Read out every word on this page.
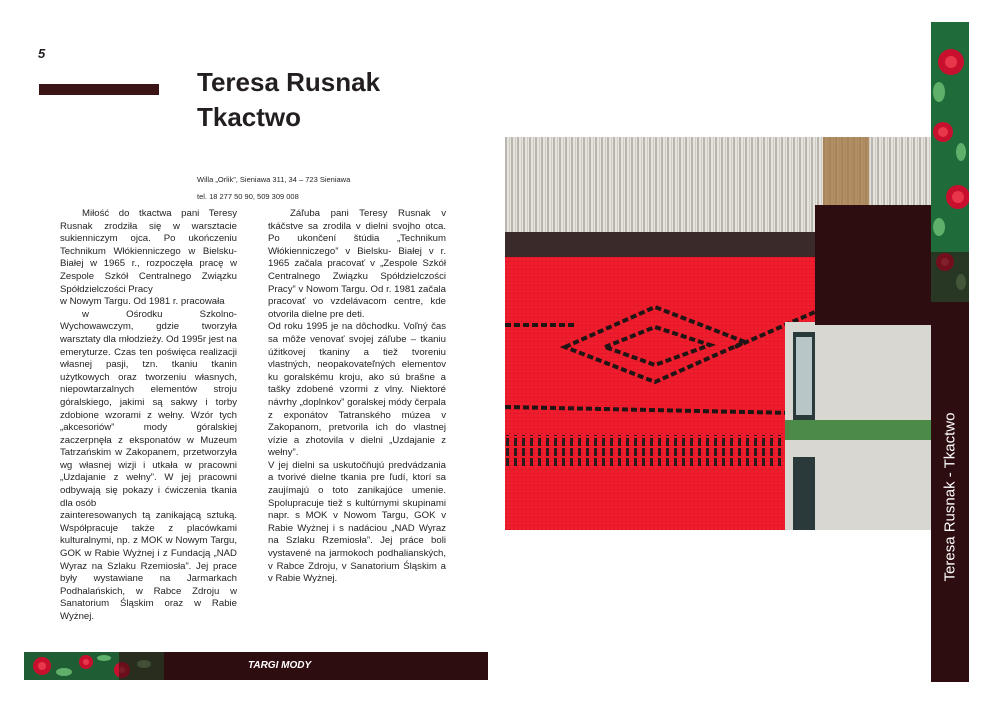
5
Teresa Rusnak
Tkactwo
Willa „Orlik”, Sieniawa 311, 34 – 723 Sieniawa
tel. 18 277 50 90, 509 309 008

Miłość do tkactwa pani Teresy Rusnak zrodziła się w warsztacie sukienniczym ojca. Po ukończeniu Technikum Włókienniczego w Bielsku-Białej w 1965 r., rozpoczęła pracę w Zespole Szkół Centralnego Związku Spółdzielczości Pracy

w Nowym Targu. Od 1981 r. pracowała

w Ośrodku Szkolno-Wychowawczym, gdzie tworzyła warsztaty dla młodzieży. Od 1995r jest na emeryturze. Czas ten poświęca realizacji własnej pasji, tzn. tkaniu tkanin użytkowych oraz tworzeniu własnych, niepowtarzalnych elementów stroju góralskiego, jakimi są sakwy i torby zdobione wzorami z wełny. Wzór tych „akcesoriów” mody góralskiej zaczerpnęła z eksponatów w Muzeum Tatrzańskim w Zakopanem, przetworzyła wg własnej wizji i utkała w pracowni „Uzdajanie z wełny”. W jej pracowni odbywają się pokazy i ćwiczenia tkania dla osób

zainteresowanych tą zanikającą sztuką. Współpracuje także z placówkami kulturalnymi, np. z MOK w Nowym Targu, GOK w Rabie Wyżnej i z Fundacją „NAD Wyraz na Szlaku Rzemiosła”. Jej prace były wystawiane na Jarmarkach Podhalańskich, w Rabce Zdroju w Sanatorium Śląskim oraz w Rabie Wyżnej.

Záľuba pani Teresy Rusnak v tkáčstve sa zrodila v dielni svojho otca. Po ukončení štúdia „Technikum Włókienniczego” v Bielsku- Białej v r. 1965 začala pracovať v „Zespole Szkół Centralnego Związku Spółdzielczości Pracy” v Nowom Targu. Od r. 1981 začala pracovať vo vzdelávacom centre, kde otvorila dielne pre deti.

Od roku 1995 je na dôchodku. Voľný čas sa môže venovať svojej záľube – tkaniu úžitkovej tkaniny a tiež tvoreniu vlastných, neopakovateľných elementov ku goralskému kroju, ako sú brašne a tašky zdobené vzormi z vlny. Niektoré návrhy „doplnkov” goralskej módy čerpala z exponátov Tatranského múzea v Zakopanom, pretvorila ich do vlastnej vízie a zhotovila v dielni „Uzdajanie z wełny”.

V jej dielni sa uskutočňujú predvádzania a tvorivé dielne tkania pre ľudí, ktorí sa zaujímajú o toto zanikajúce umenie. Spolupracuje tiež s kultúrnymi skupinami napr. s MOK v Nowom Targu, GOK v Rabie Wyżnej i s nadáciou „NAD Wyraz na Szlaku Rzemiosła”. Jej práce boli vystavené na jarmokoch podhalianských, v Rabce Zdroju, v Sanatorium Śląskim a v Rabie Wyżnej.	Teresa Rusnak - Tkactwo
TARGI MODY
